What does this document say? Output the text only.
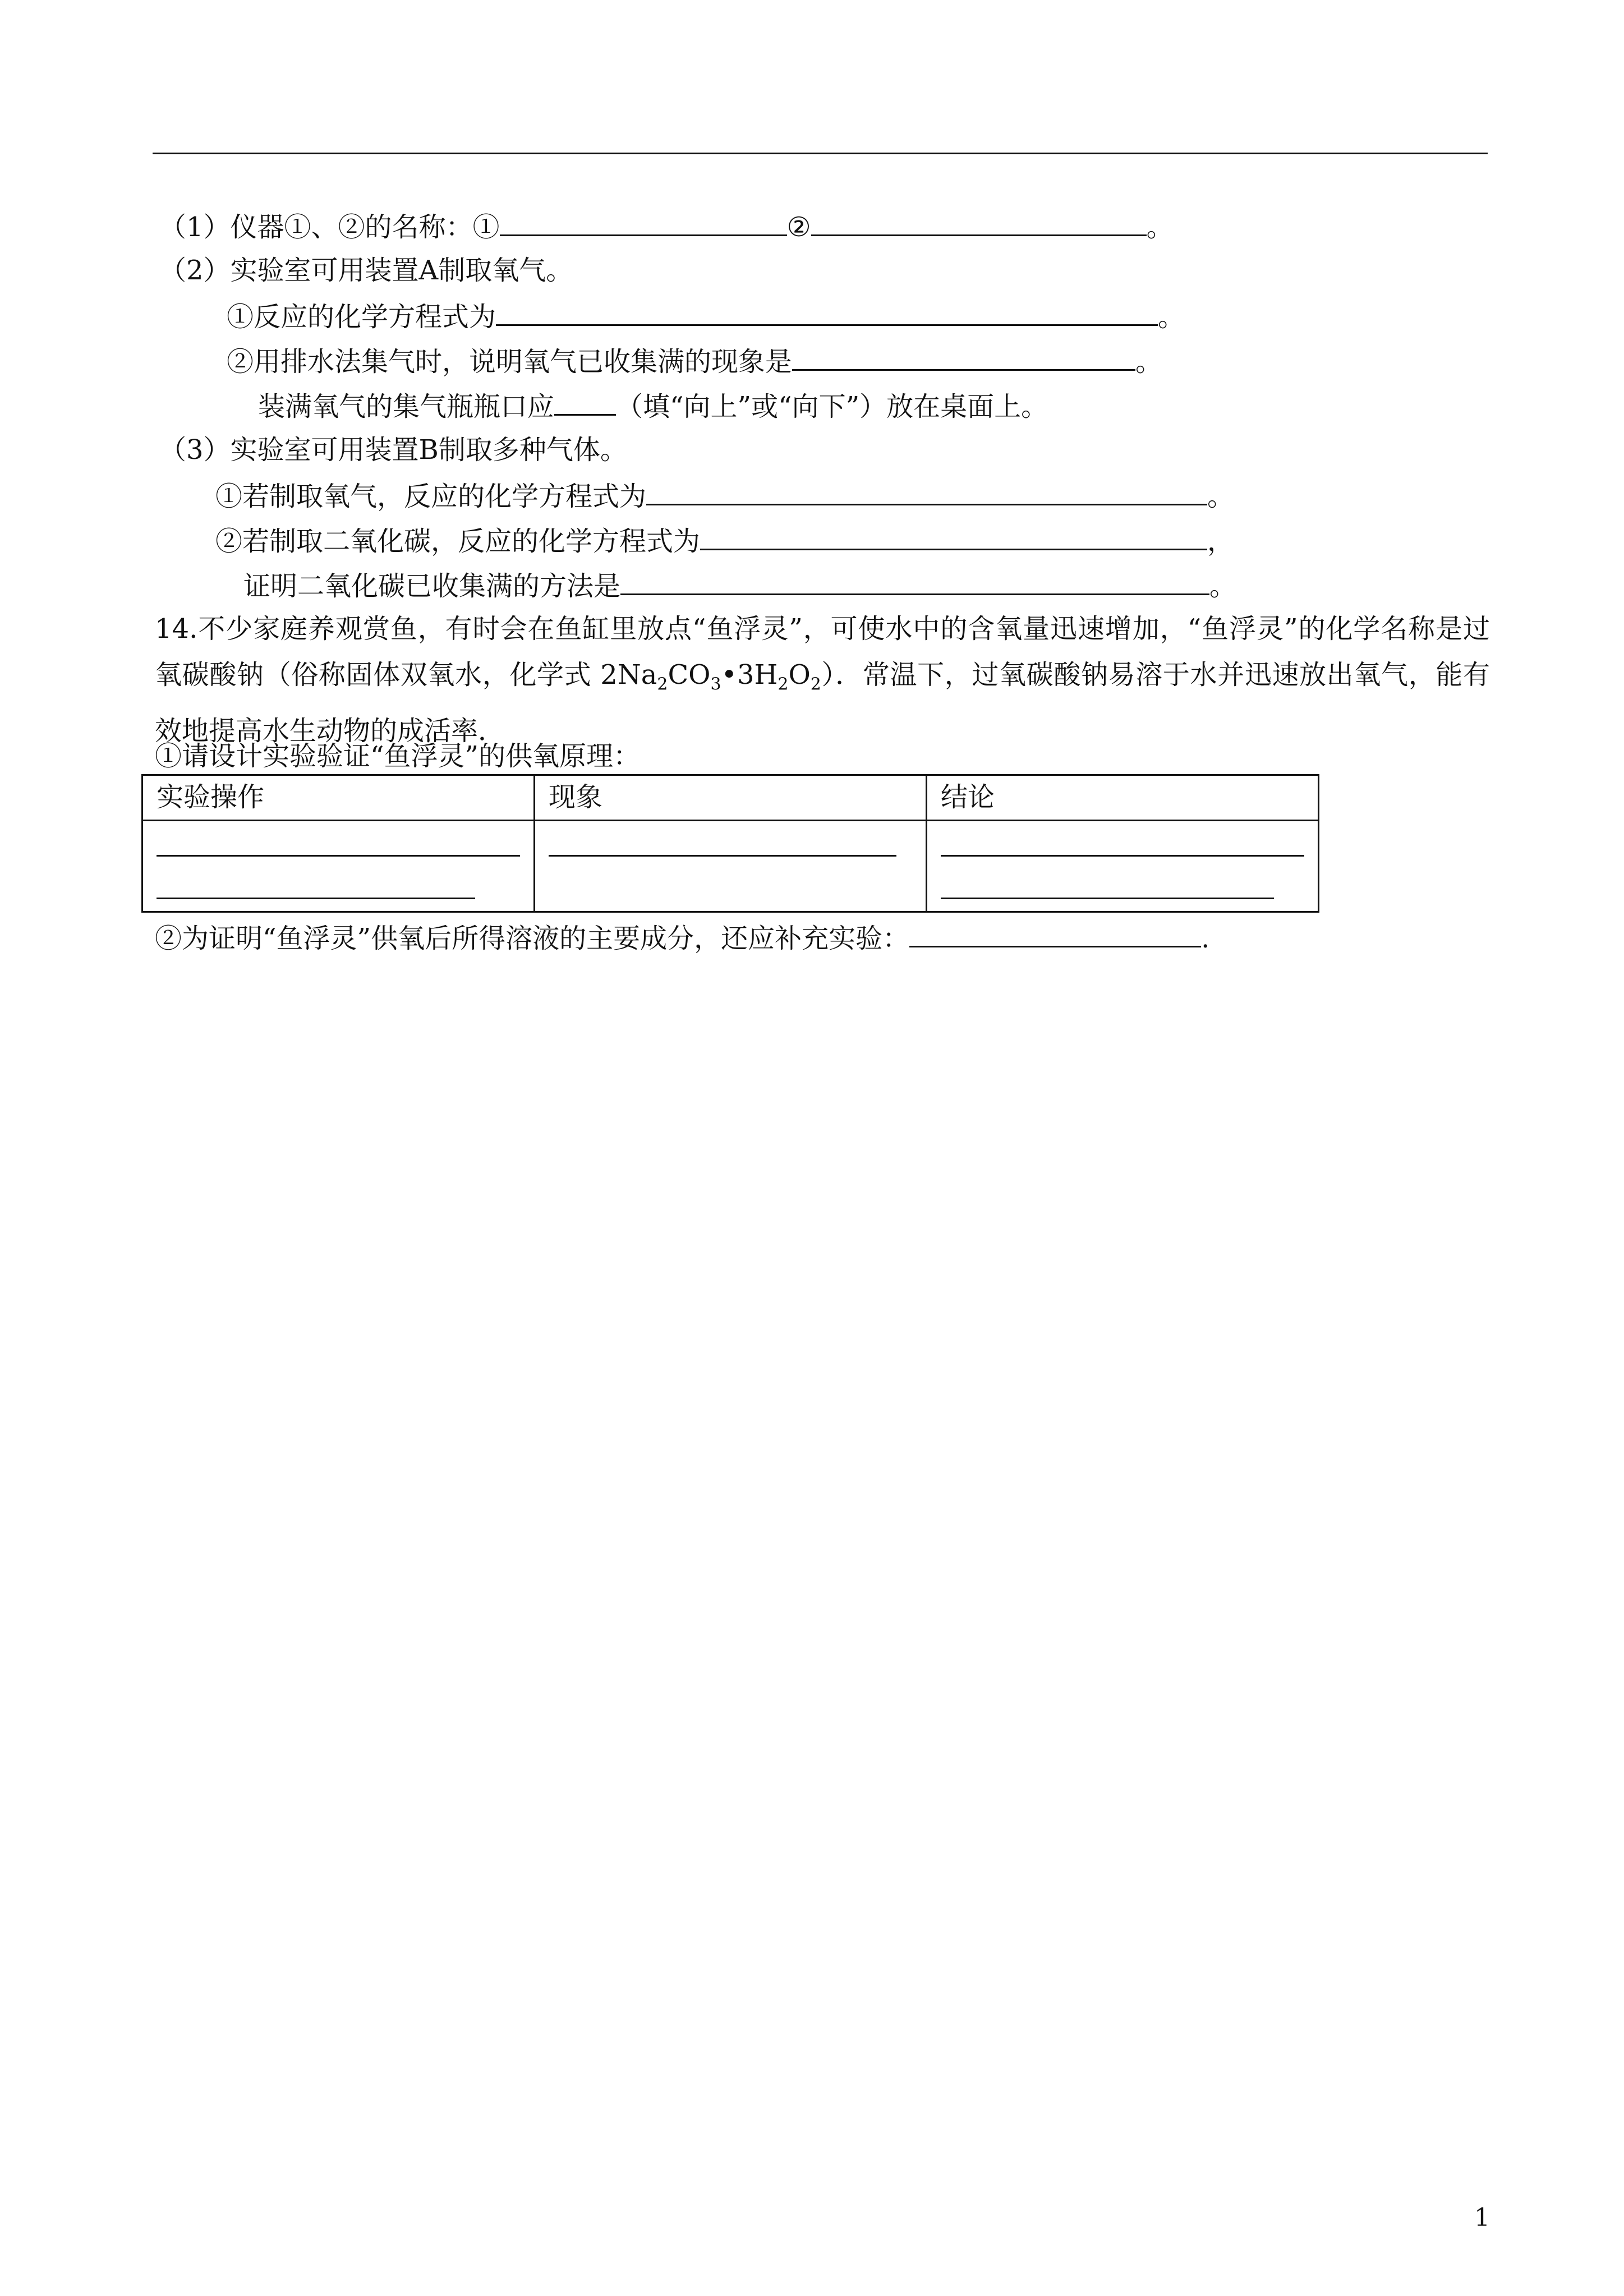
（1）仪器①、②的名称：①	②	。
（2）实验室可用装置A制取氧气。
①反应的化学方程式为	。
②用排水法集气时，说明氧气已收集满的现象是	。
装满氧气的集气瓶瓶口应 （填“向上”或“向下”）放在桌面上。
（3）实验室可用装置B制取多种气体。
①若制取氧气，反应的化学方程式为	。
②若制取二氧化碳，反应的化学方程式为	，
证明二氧化碳已收集满的方法是	。
14.不少家庭养观赏鱼，有时会在鱼缸里放点“鱼浮灵”，可使水中的含氧量迅速增加，“鱼浮灵”的化学名称是过氧碳酸钠（俗称固体双氧水，化学式 $2Na_2CO_3•3H_2O_2$）．常温下，过氧碳酸钠易溶于水并迅速放出氧气，能有效地提高水生动物的成活率．
①请设计实验验证“鱼浮灵”的供氧原理：
实验操作	现象	结论

②为证明“鱼浮灵”供氧后所得溶液的主要成分，还应补充实验：	.
1
